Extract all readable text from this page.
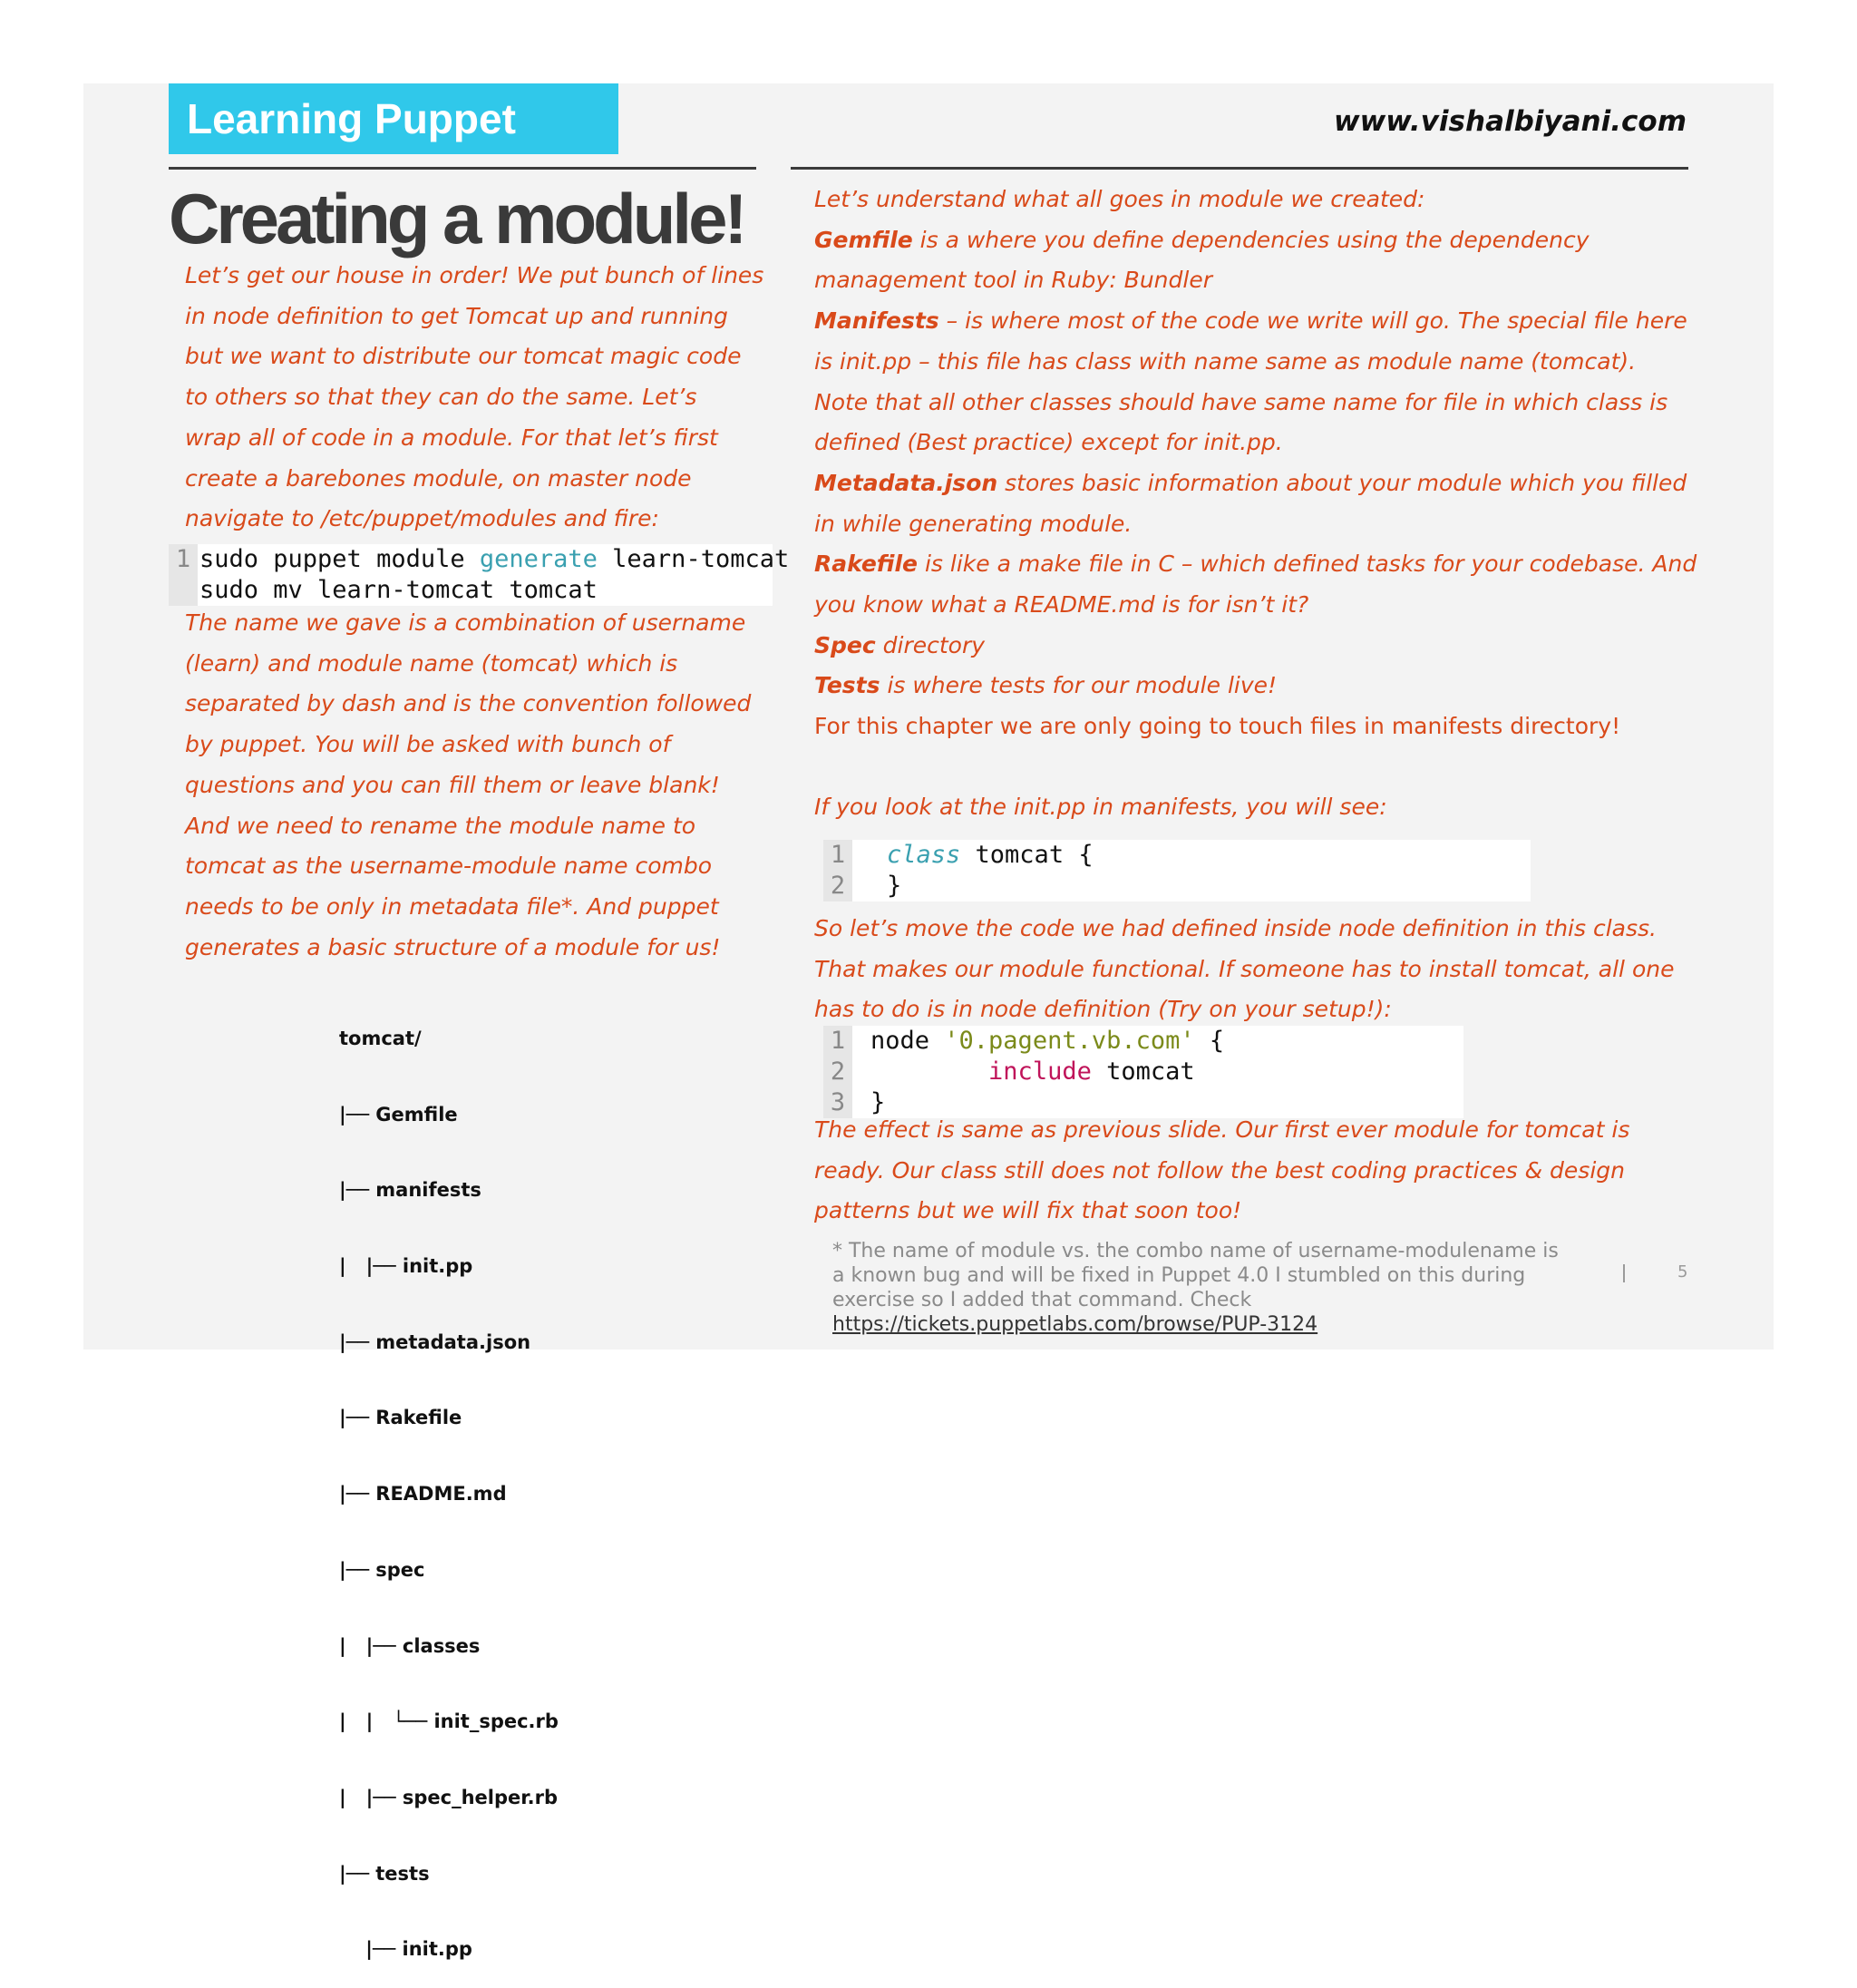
Learning Puppet	www.vishalbiyani.com
Creating a module!
Let’s get our house in order! We put bunch of lines
in node definition to get Tomcat up and running
but we want to distribute our tomcat magic code
to others so that they can do the same. Let’s
wrap all of code in a module. For that let’s first
create a barebones module, on master node
navigate to /etc/puppet/modules and fire:
1 sudo puppet module generate learn-tomcat
sudo mv learn-tomcat tomcat
The name we gave is a combination of username
(learn) and module name (tomcat) which is
separated by dash and is the convention followed
by puppet. You will be asked with bunch of
questions and you can fill them or leave blank!
And we need to rename the module name to
tomcat as the username-module name combo
needs to be only in metadata file*. And puppet
generates a basic structure of a module for us!

tomcat/

|── Gemfile

|── manifests

|   |── init.pp

|── metadata.json

|── Rakefile

|── README.md

|── spec

|   |── classes

|   |   └── init_spec.rb

|   |── spec_helper.rb

|── tests

|── init.pp

Let’s understand what all goes in module we created:
Gemfile is a where you define dependencies using the dependency
management tool in Ruby: Bundler
Manifests – is where most of the code we write will go. The special file here
is init.pp – this file has class with name same as module name (tomcat).
Note that all other classes should have same name for file in which class is
defined (Best practice) except for init.pp.
Metadata.json stores basic information about your module which you filled
in while generating module.
Rakefile is like a make file in C – which defined tasks for your codebase. And
you know what a README.md is for isn’t it?
Spec directory
Tests is where tests for our module live!
For this chapter we are only going to touch files in manifests directory!
If you look at the init.pp in manifests, you will see:
1 class tomcat {
2 }
So let’s move the code we had defined inside node definition in this class.
That makes our module functional. If someone has to install tomcat, all one
has to do is in node definition (Try on your setup!):
1 node '0.pagent.vb.com' {
2	include tomcat
3 }
The effect is same as previous slide. Our first ever module for tomcat is
ready. Our class still does not follow the best coding practices & design
patterns but we will fix that soon too!
* The name of module vs. the combo name of username-modulename is
a known bug and will be fixed in Puppet 4.0 I stumbled on this during
exercise so I added that command. Check
https://tickets.puppetlabs.com/browse/PUP-3124
5
